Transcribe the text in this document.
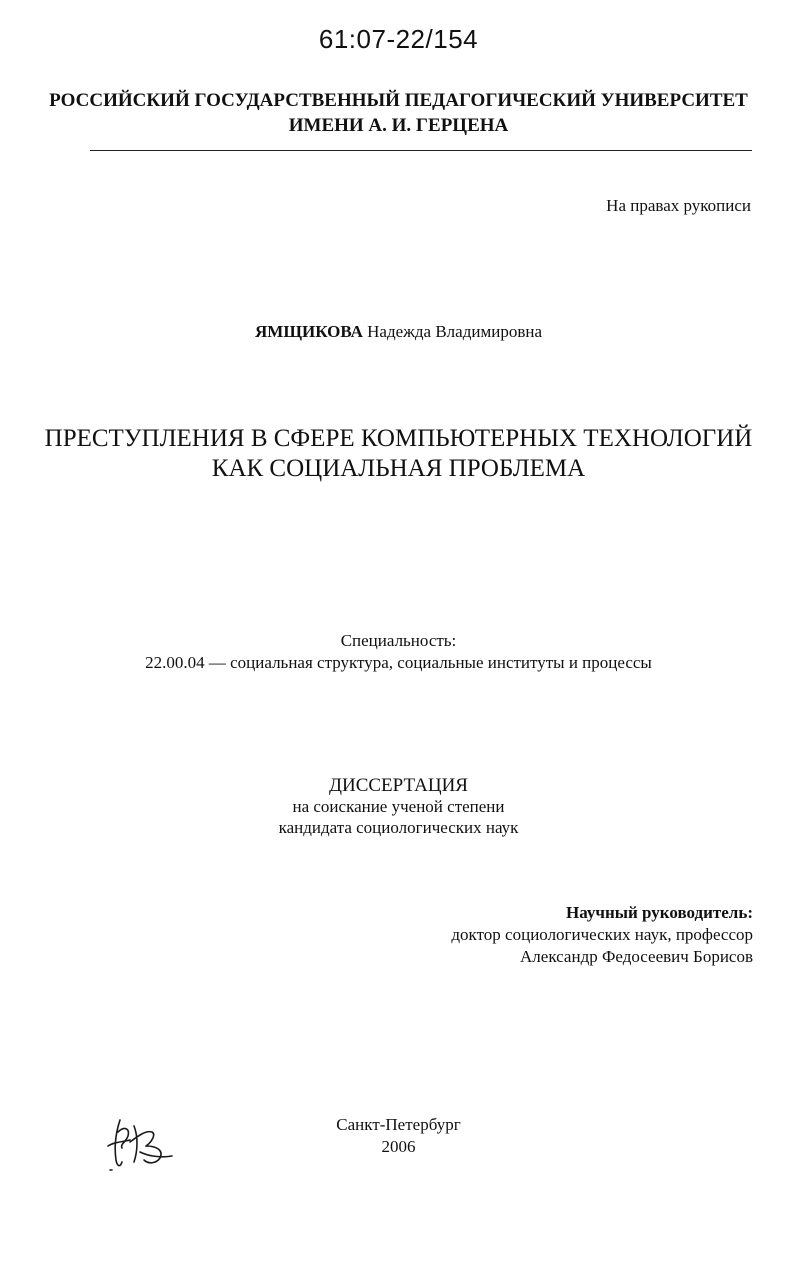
61:07-22/154
РОССИЙСКИЙ ГОСУДАРСТВЕННЫЙ ПЕДАГОГИЧЕСКИЙ УНИВЕРСИТЕТ
ИМЕНИ А. И. ГЕРЦЕНА
На правах рукописи
ЯМЩИКОВА Надежда Владимировна
ПРЕСТУПЛЕНИЯ В СФЕРЕ КОМПЬЮТЕРНЫХ ТЕХНОЛОГИЙ
КАК СОЦИАЛЬНАЯ ПРОБЛЕМА
Специальность:
22.00.04 — социальная структура, социальные институты и процессы
ДИССЕРТАЦИЯ
на соискание ученой степени
кандидата социологических наук
Научный руководитель:
доктор социологических наук, профессор
Александр Федосеевич Борисов
Санкт-Петербург
2006
